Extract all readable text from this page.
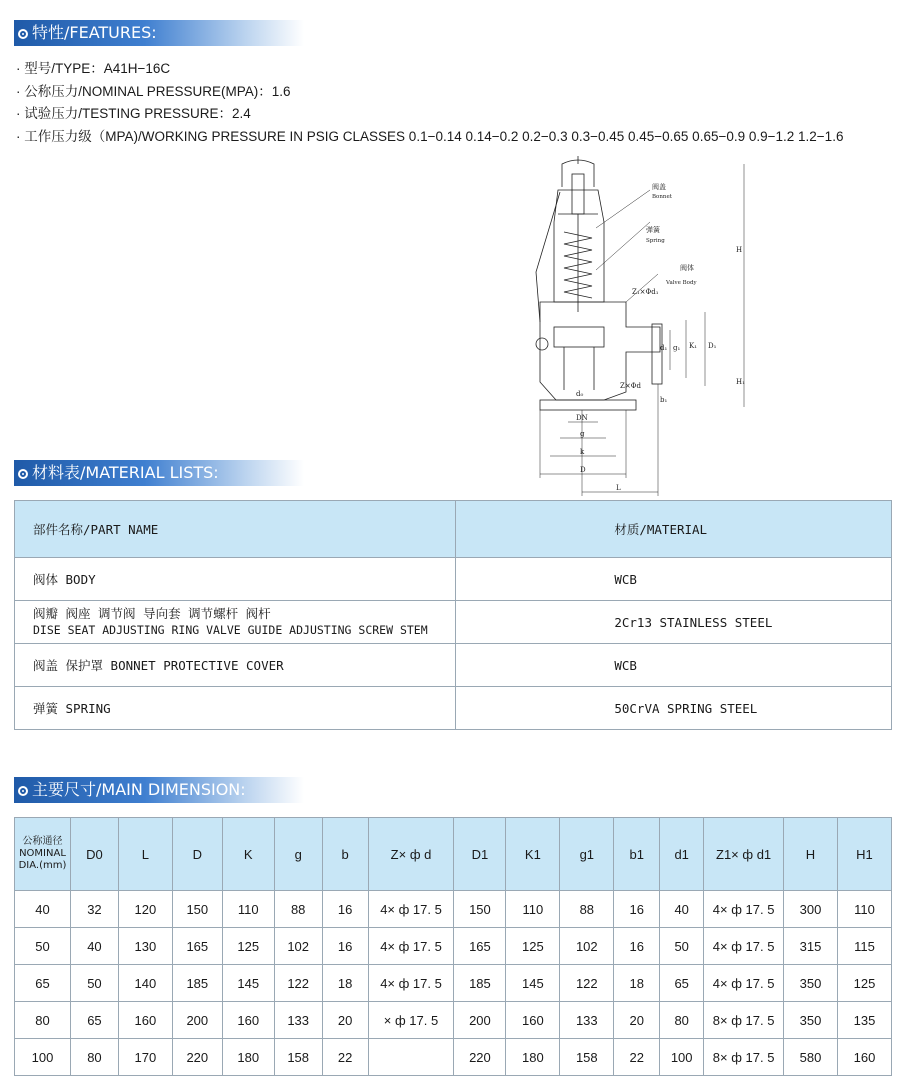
特性/FEATURES:
· 型号/TYPE：A41H−16C
· 公称压力/NOMINAL PRESSURE(MPA)：1.6
· 试验压力/TESTING PRESSURE：2.4
· 工作压力级（MPA)/WORKING PRESSURE IN PSIG CLASSES 0.1−0.14 0.14−0.2 0.2−0.3 0.3−0.45 0.45−0.65 0.65−0.9 0.9−1.2 1.2−1.6
阀盖
Bonnet
弹簧
Spring
阀体
Valve Body
H
H₁
D₁
K₁
g₁
d₁
Z₁×Φd₁
Z×Φd
d₀
b₁
DN
g
k
D
L
材料表/MATERIAL LISTS:
部件名称/PART NAME	材质/MATERIAL
阀体 BODY	WCB

阀瓣 阀座 调节阀 导向套 调节螺杆 阀杆
DISE SEAT ADJUSTING RING VALVE GUIDE ADJUSTING SCREW STEM	2Cr13 STAINLESS STEEL
阀盖 保护罩 BONNET PROTECTIVE COVER	WCB
弹簧 SPRING	50CrVA SPRING STEEL
主要尺寸/MAIN DIMENSION:
公称通径
NOMINAL
DIA.(mm)	D0	L	D	K	g	b	Z× ф d	D1	K1	g1	b1	d1	Z1× ф d1	H	H1
40	32	120	150	110	88	16	4× ф 17. 5	150	110	88	16	40	4× ф 17. 5	300	110
50	40	130	165	125	102	16	4× ф 17. 5	165	125	102	16	50	4× ф 17. 5	315	115
65	50	140	185	145	122	18	4× ф 17. 5	185	145	122	18	65	4× ф 17. 5	350	125
80	65	160	200	160	133	20	× ф 17. 5	200	160	133	20	80	8× ф 17. 5	350	135
100	80	170	220	180	158	22		220	180	158	22	100	8× ф 17. 5	580	160
